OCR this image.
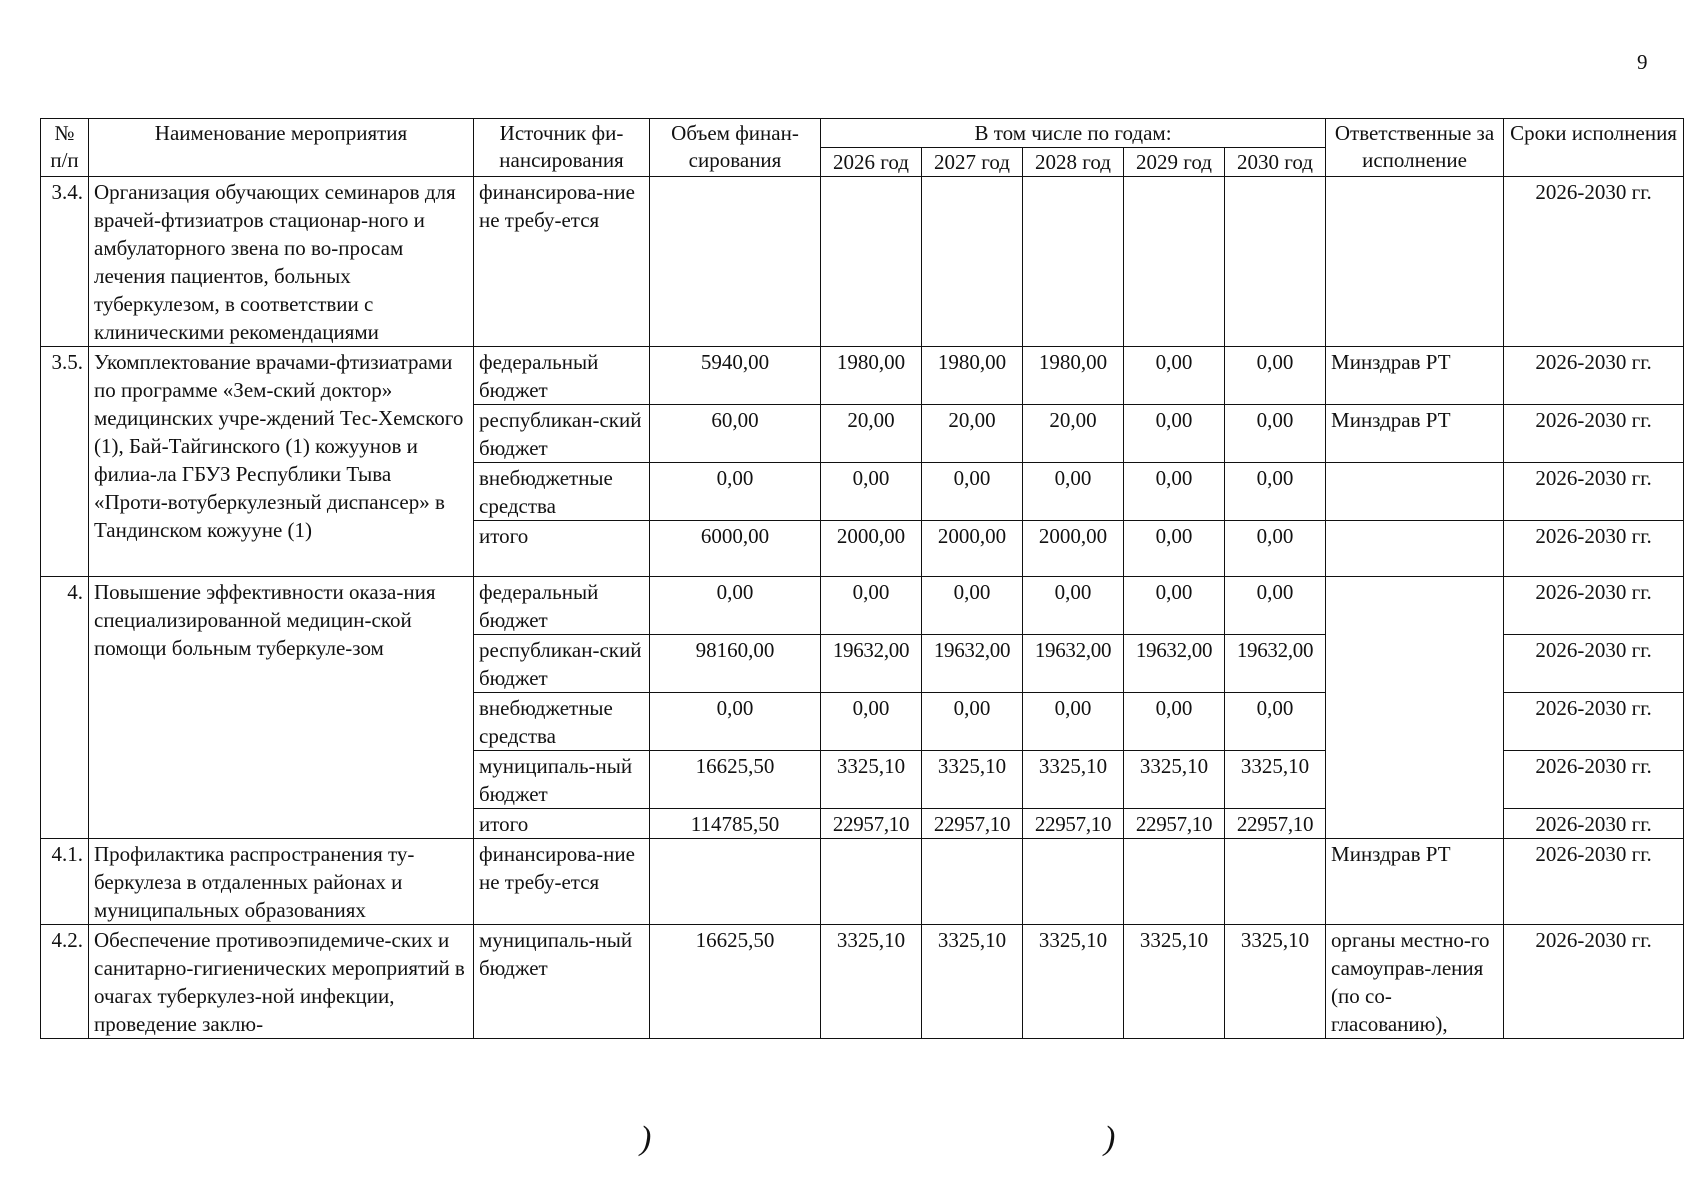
9
№ п/п	Наименование мероприятия	Источник фи-нансирования	Объем финан-сирования	В том числе по годам:					Ответственные за исполнение	Сроки исполнения
				2026 год	2027 год	2028 год	2029 год	2030 год		
3.4.	Организация обучающих семинаров для врачей-фтизиатров стационар-ного и амбулаторного звена по во-просам лечения пациентов, больных туберкулезом, в соответствии с клиническими рекомендациями	финансирова-ние не требу-ется								2026-2030 гг.
3.5.	Укомплектование врачами-фтизиатрами по программе «Зем-ский доктор» медицинских учре-ждений Тес-Хемского (1), Бай-Тайгинского (1) кожуунов и филиа-ла ГБУЗ Республики Тыва «Проти-вотуберкулезный диспансер» в Тандинском кожууне (1)	федеральный бюджет	5940,00	1980,00	1980,00	1980,00	0,00	0,00	Минздрав РТ	2026-2030 гг.
		республикан-ский бюджет	60,00	20,00	20,00	20,00	0,00	0,00	Минздрав РТ	2026-2030 гг.
		внебюджетные средства	0,00	0,00	0,00	0,00	0,00	0,00		2026-2030 гг.
		итого	6000,00	2000,00	2000,00	2000,00	0,00	0,00		2026-2030 гг.
4.	Повышение эффективности оказа-ния специализированной медицин-ской помощи больным туберкуле-зом	федеральный бюджет	0,00	0,00	0,00	0,00	0,00	0,00		2026-2030 гг.
		республикан-ский бюджет	98160,00	19632,00	19632,00	19632,00	19632,00	19632,00		2026-2030 гг.
		внебюджетные средства	0,00	0,00	0,00	0,00	0,00	0,00		2026-2030 гг.
		муниципаль-ный бюджет	16625,50	3325,10	3325,10	3325,10	3325,10	3325,10		2026-2030 гг.
		итого	114785,50	22957,10	22957,10	22957,10	22957,10	22957,10		2026-2030 гг.
4.1.	Профилактика распространения ту-беркулеза в отдаленных районах и муниципальных образованиях	финансирова-ние не требу-ется							Минздрав РТ	2026-2030 гг.
4.2.	Обеспечение противоэпидемиче-ских и санитарно-гигиенических мероприятий в очагах туберкулез-ной инфекции, проведение заклю-	муниципаль-ный бюджет	16625,50	3325,10	3325,10	3325,10	3325,10	3325,10	органы местно-го самоуправ-ления (по со-гласованию),	2026-2030 гг.
)	)
